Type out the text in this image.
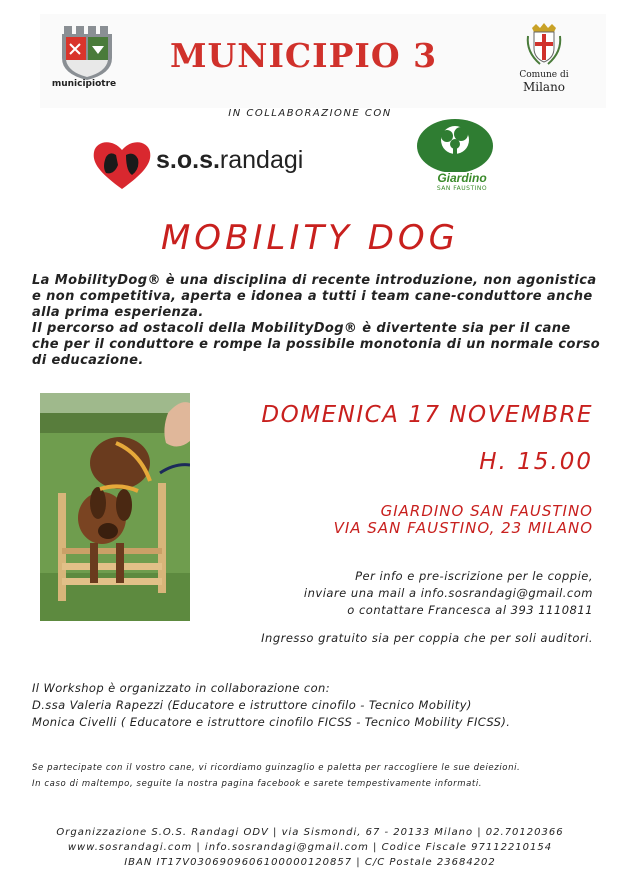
municipiotre
MUNICIPIO 3	Comune di
Milano
IN COLLABORAZIONE CON
s.o.s.randagi
Giardino
SAN FAUSTINO
MOBILITY DOG

La MobilityDog® è una disciplina di recente introduzione, non agonistica e non competitiva, aperta e idonea a tutti i team cane-conduttore anche alla prima esperienza.

Il percorso ad ostacoli della MobilityDog® è divertente sia per il cane che per il conduttore e rompe la possibile monotonia di un normale corso di educazione.

DOMENICA 17 NOVEMBRE
H. 15.00
GIARDINO SAN FAUSTINO
VIA SAN FAUSTINO, 23 MILANO
Per info e pre-iscrizione per le coppie,
inviare una mail a info.sosrandagi@gmail.com
o contattare Francesca al 393 1110811
Ingresso gratuito sia per coppia che per soli auditori.
Il Workshop è organizzato in collaborazione con:
D.ssa Valeria Rapezzi (Educatore e istruttore cinofilo - Tecnico Mobility)
Monica Civelli ( Educatore e istruttore cinofilo FICSS - Tecnico Mobility FICSS).
Se partecipate con il vostro cane, vi ricordiamo guinzaglio e paletta per raccogliere le sue deiezioni.
In caso di maltempo, seguite la nostra pagina facebook e sarete tempestivamente informati.
Organizzazione S.O.S. Randagi ODV | via Sismondi, 67 - 20133 Milano | 02.70120366
www.sosrandagi.com | info.sosrandagi@gmail.com | Codice Fiscale 97112210154
IBAN IT17V0306909606100000120857 | C/C Postale 23684202
